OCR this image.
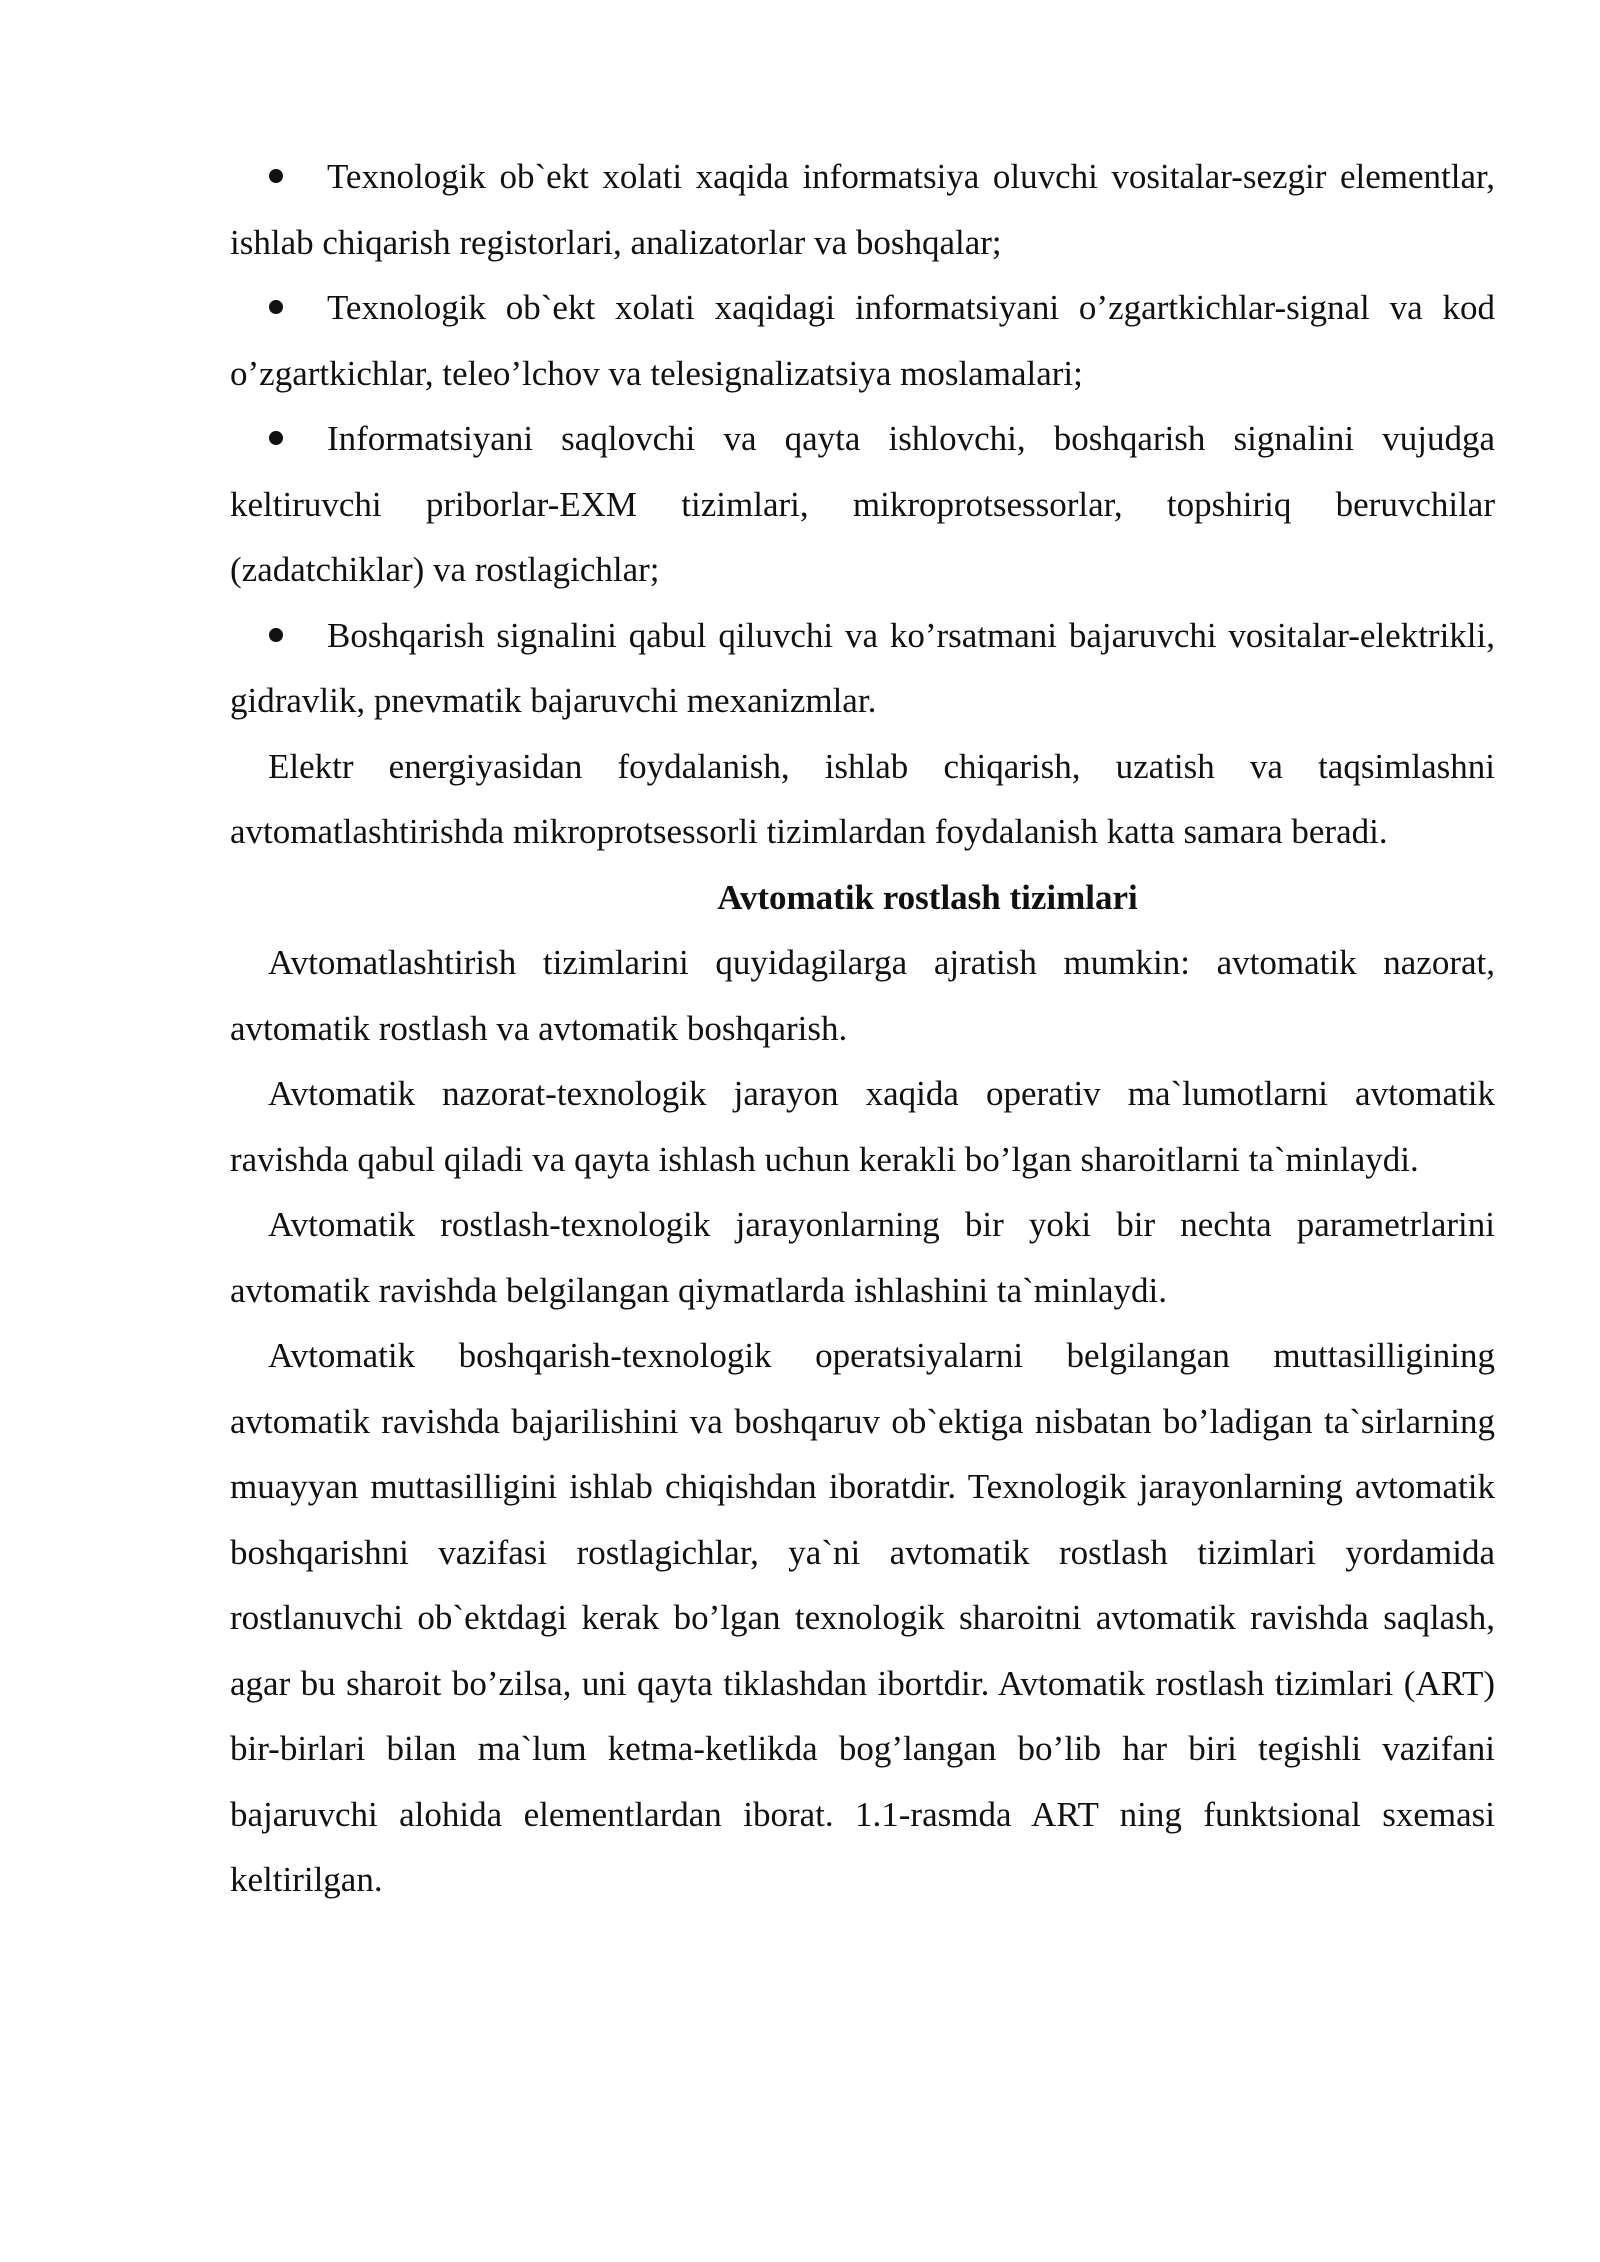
Texnologik ob`ekt xolati xaqida informatsiya oluvchi vositalar-sezgir elementlar, ishlab chiqarish registorlari, analizatorlar va boshqalar;

Texnologik ob`ekt xolati xaqidagi informatsiyani o’zgartkichlar-signal va kod o’zgartkichlar, teleo’lchov va telesignalizatsiya moslamalari;

Informatsiyani saqlovchi va qayta ishlovchi, boshqarish signalini vujudga keltiruvchi priborlar-EXM tizimlari, mikroprotsessorlar, topshiriq beruvchilar (zadatchiklar) va rostlagichlar;

Boshqarish signalini qabul qiluvchi va ko’rsatmani bajaruvchi vositalar-elektrikli, gidravlik, pnevmatik bajaruvchi mexanizmlar.

Elektr energiyasidan foydalanish, ishlab chiqarish, uzatish va taqsimlashni avtomatlashtirishda mikroprotsessorli tizimlardan foydalanish katta samara beradi.

Avtomatik rostlash tizimlari

Avtomatlashtirish tizimlarini quyidagilarga ajratish mumkin: avtomatik nazorat, avtomatik rostlash va avtomatik boshqarish.

Avtomatik nazorat-texnologik jarayon xaqida operativ ma`lumotlarni avtomatik ravishda qabul qiladi va qayta ishlash uchun kerakli bo’lgan sharoitlarni ta`minlaydi.

Avtomatik rostlash-texnologik jarayonlarning bir yoki bir nechta parametrlarini avtomatik ravishda belgilangan qiymatlarda ishlashini ta`minlaydi.

Avtomatik boshqarish-texnologik operatsiyalarni belgilangan muttasilligining avtomatik ravishda bajarilishini va boshqaruv ob`ektiga nisbatan bo’ladigan ta`sirlarning muayyan muttasilligini ishlab chiqishdan iboratdir. Texnologik jarayonlarning avtomatik boshqarishni vazifasi rostlagichlar, ya`ni avtomatik rostlash tizimlari yordamida rostlanuvchi ob`ektdagi kerak bo’lgan texnologik sharoitni avtomatik ravishda saqlash, agar bu sharoit bo’zilsa, uni qayta tiklashdan ibortdir. Avtomatik rostlash tizimlari (ART) bir-birlari bilan ma`lum ketma-ketlikda bog’langan bo’lib har biri tegishli vazifani bajaruvchi alohida elementlardan iborat. 1.1-rasmda ART ning funktsional sxemasi keltirilgan.
